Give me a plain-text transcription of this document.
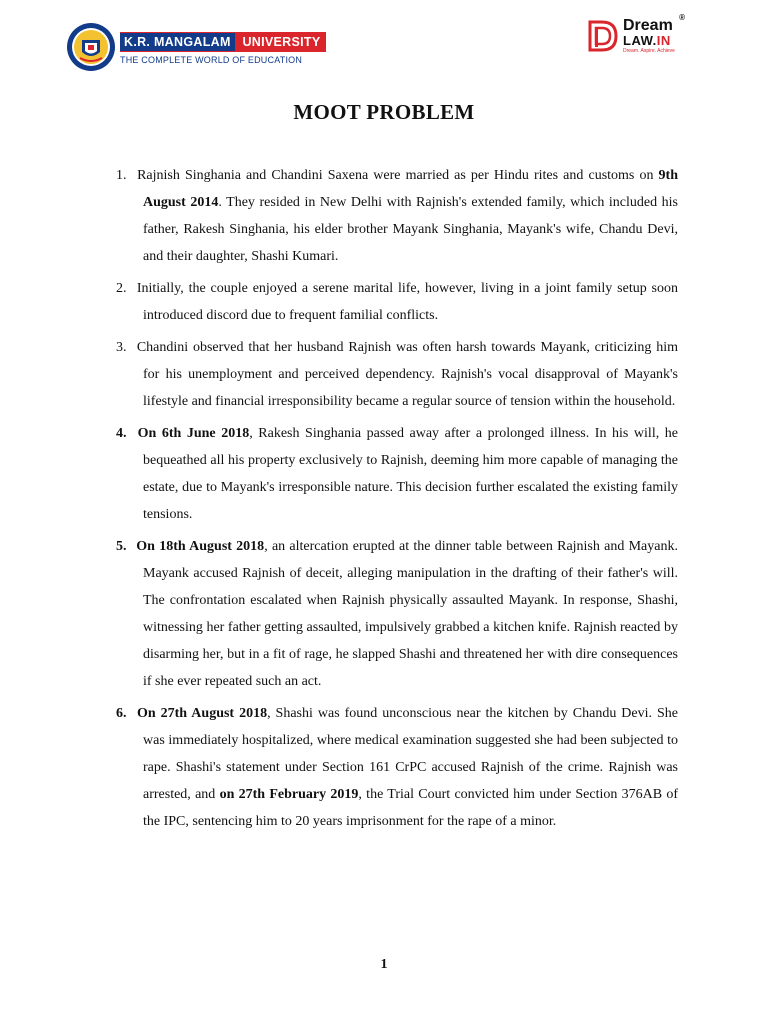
K.R. MANGALAM UNIVERSITY
THE COMPLETE WORLD OF EDUCATION
Dream ®
LAW.IN
Dream. Aspire. Achieve
MOOT PROBLEM

1. Rajnish Singhania and Chandini Saxena were married as per Hindu rites and customs on 9th August 2014. They resided in New Delhi with Rajnish's extended family, which included his father, Rakesh Singhania, his elder brother Mayank Singhania, Mayank's wife, Chandu Devi, and their daughter, Shashi Kumari.

2. Initially, the couple enjoyed a serene marital life, however, living in a joint family setup soon introduced discord due to frequent familial conflicts.

3. Chandini observed that her husband Rajnish was often harsh towards Mayank, criticizing him for his unemployment and perceived dependency. Rajnish's vocal disapproval of Mayank's lifestyle and financial irresponsibility became a regular source of tension within the household.

4. On 6th June 2018, Rakesh Singhania passed away after a prolonged illness. In his will, he bequeathed all his property exclusively to Rajnish, deeming him more capable of managing the estate, due to Mayank's irresponsible nature. This decision further escalated the existing family tensions.

5. On 18th August 2018, an altercation erupted at the dinner table between Rajnish and Mayank. Mayank accused Rajnish of deceit, alleging manipulation in the drafting of their father's will. The confrontation escalated when Rajnish physically assaulted Mayank. In response, Shashi, witnessing her father getting assaulted, impulsively grabbed a kitchen knife. Rajnish reacted by disarming her, but in a fit of rage, he slapped Shashi and threatened her with dire consequences if she ever repeated such an act.

6. On 27th August 2018, Shashi was found unconscious near the kitchen by Chandu Devi. She was immediately hospitalized, where medical examination suggested she had been subjected to rape. Shashi's statement under Section 161 CrPC accused Rajnish of the crime. Rajnish was arrested, and on 27th February 2019, the Trial Court convicted him under Section 376AB of the IPC, sentencing him to 20 years imprisonment for the rape of a minor.

1
